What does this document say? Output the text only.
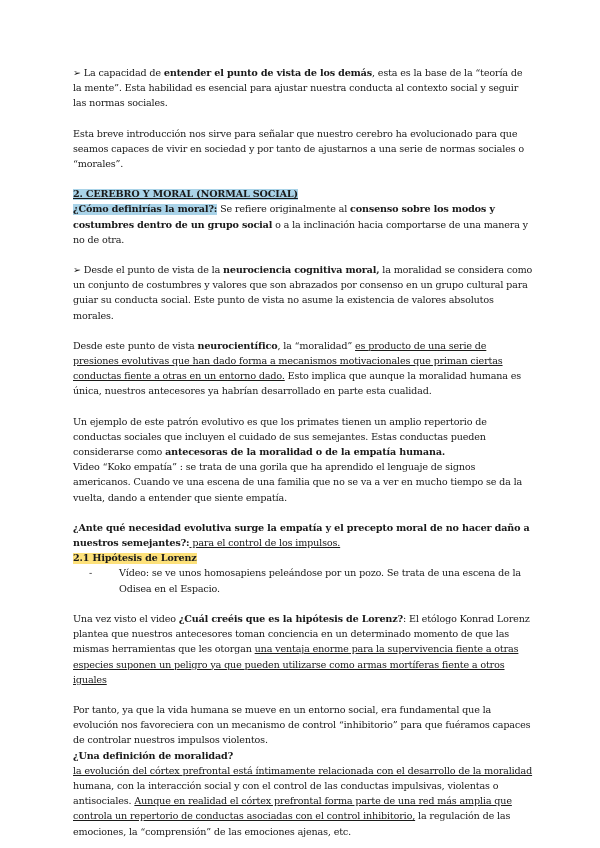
➢ La capacidad de entender el punto de vista de los demás, esta es la base de la “teoría de la mente”. Esta habilidad es esencial para ajustar nuestra conducta al contexto social y seguir las normas sociales.

Esta breve introducción nos sirve para señalar que nuestro cerebro ha evolucionado para que seamos capaces de vivir en sociedad y por tanto de ajustarnos a una serie de normas sociales o “morales”.

2. CEREBRO Y MORAL (NORMAL SOCIAL)

¿Cómo definirías la moral?: Se refiere originalmente al consenso sobre los modos y costumbres dentro de un grupo social o a la inclinación hacia comportarse de una manera y no de otra.

➢ Desde el punto de vista de la neurociencia cognitiva moral, la moralidad se considera como un conjunto de costumbres y valores que son abrazados por consenso en un grupo cultural para guiar su conducta social. Este punto de vista no asume la existencia de valores absolutos morales.

Desde este punto de vista neurocientífico, la “moralidad” es producto de una serie de presiones evolutivas que han dado forma a mecanismos motivacionales que priman ciertas conductas fiente a otras en un entorno dado. Esto implica que aunque la moralidad humana es única, nuestros antecesores ya habrían desarrollado en parte esta cualidad.

Un ejemplo de este patrón evolutivo es que los primates tienen un amplio repertorio de conductas sociales que incluyen el cuidado de sus semejantes. Estas conductas pueden considerarse como antecesoras de la moralidad o de la empatía humana.

Video “Koko empatía” : se trata de una gorila que ha aprendido el lenguaje de signos americanos. Cuando ve una escena de una familia que no se va a ver en mucho tiempo se da la vuelta, dando a entender que siente empatía.

¿Ante qué necesidad evolutiva surge la empatía y el precepto moral de no hacer daño a nuestros semejantes?: para el control de los impulsos.

2.1 Hipótesis de Lorenz

-	Vídeo: se ve unos homosapiens peleándose por un pozo. Se trata de una escena de la Odisea en el Espacio.

Una vez visto el video ¿Cuál creéis que es la hipótesis de Lorenz?: El etólogo Konrad Lorenz plantea que nuestros antecesores toman conciencia en un determinado momento de que las mismas herramientas que les otorgan una ventaja enorme para la supervivencia fiente a otras especies suponen un peligro ya que pueden utilizarse como armas mortíferas fiente a otros iguales

Por tanto, ya que la vida humana se mueve en un entorno social, era fundamental que la evolución nos favoreciera con un mecanismo de control “inhibitorio” para que fuéramos capaces de controlar nuestros impulsos violentos.

¿Una definición de moralidad?

la evolución del córtex prefrontal está íntimamente relacionada con el desarrollo de la moralidad humana, con la interacción social y con el control de las conductas impulsivas, violentas o antisociales. Aunque en realidad el córtex prefrontal forma parte de una red más amplia que controla un repertorio de conductas asociadas con el control inhibitorio, la regulación de las emociones, la “comprensión” de las emociones ajenas, etc.
